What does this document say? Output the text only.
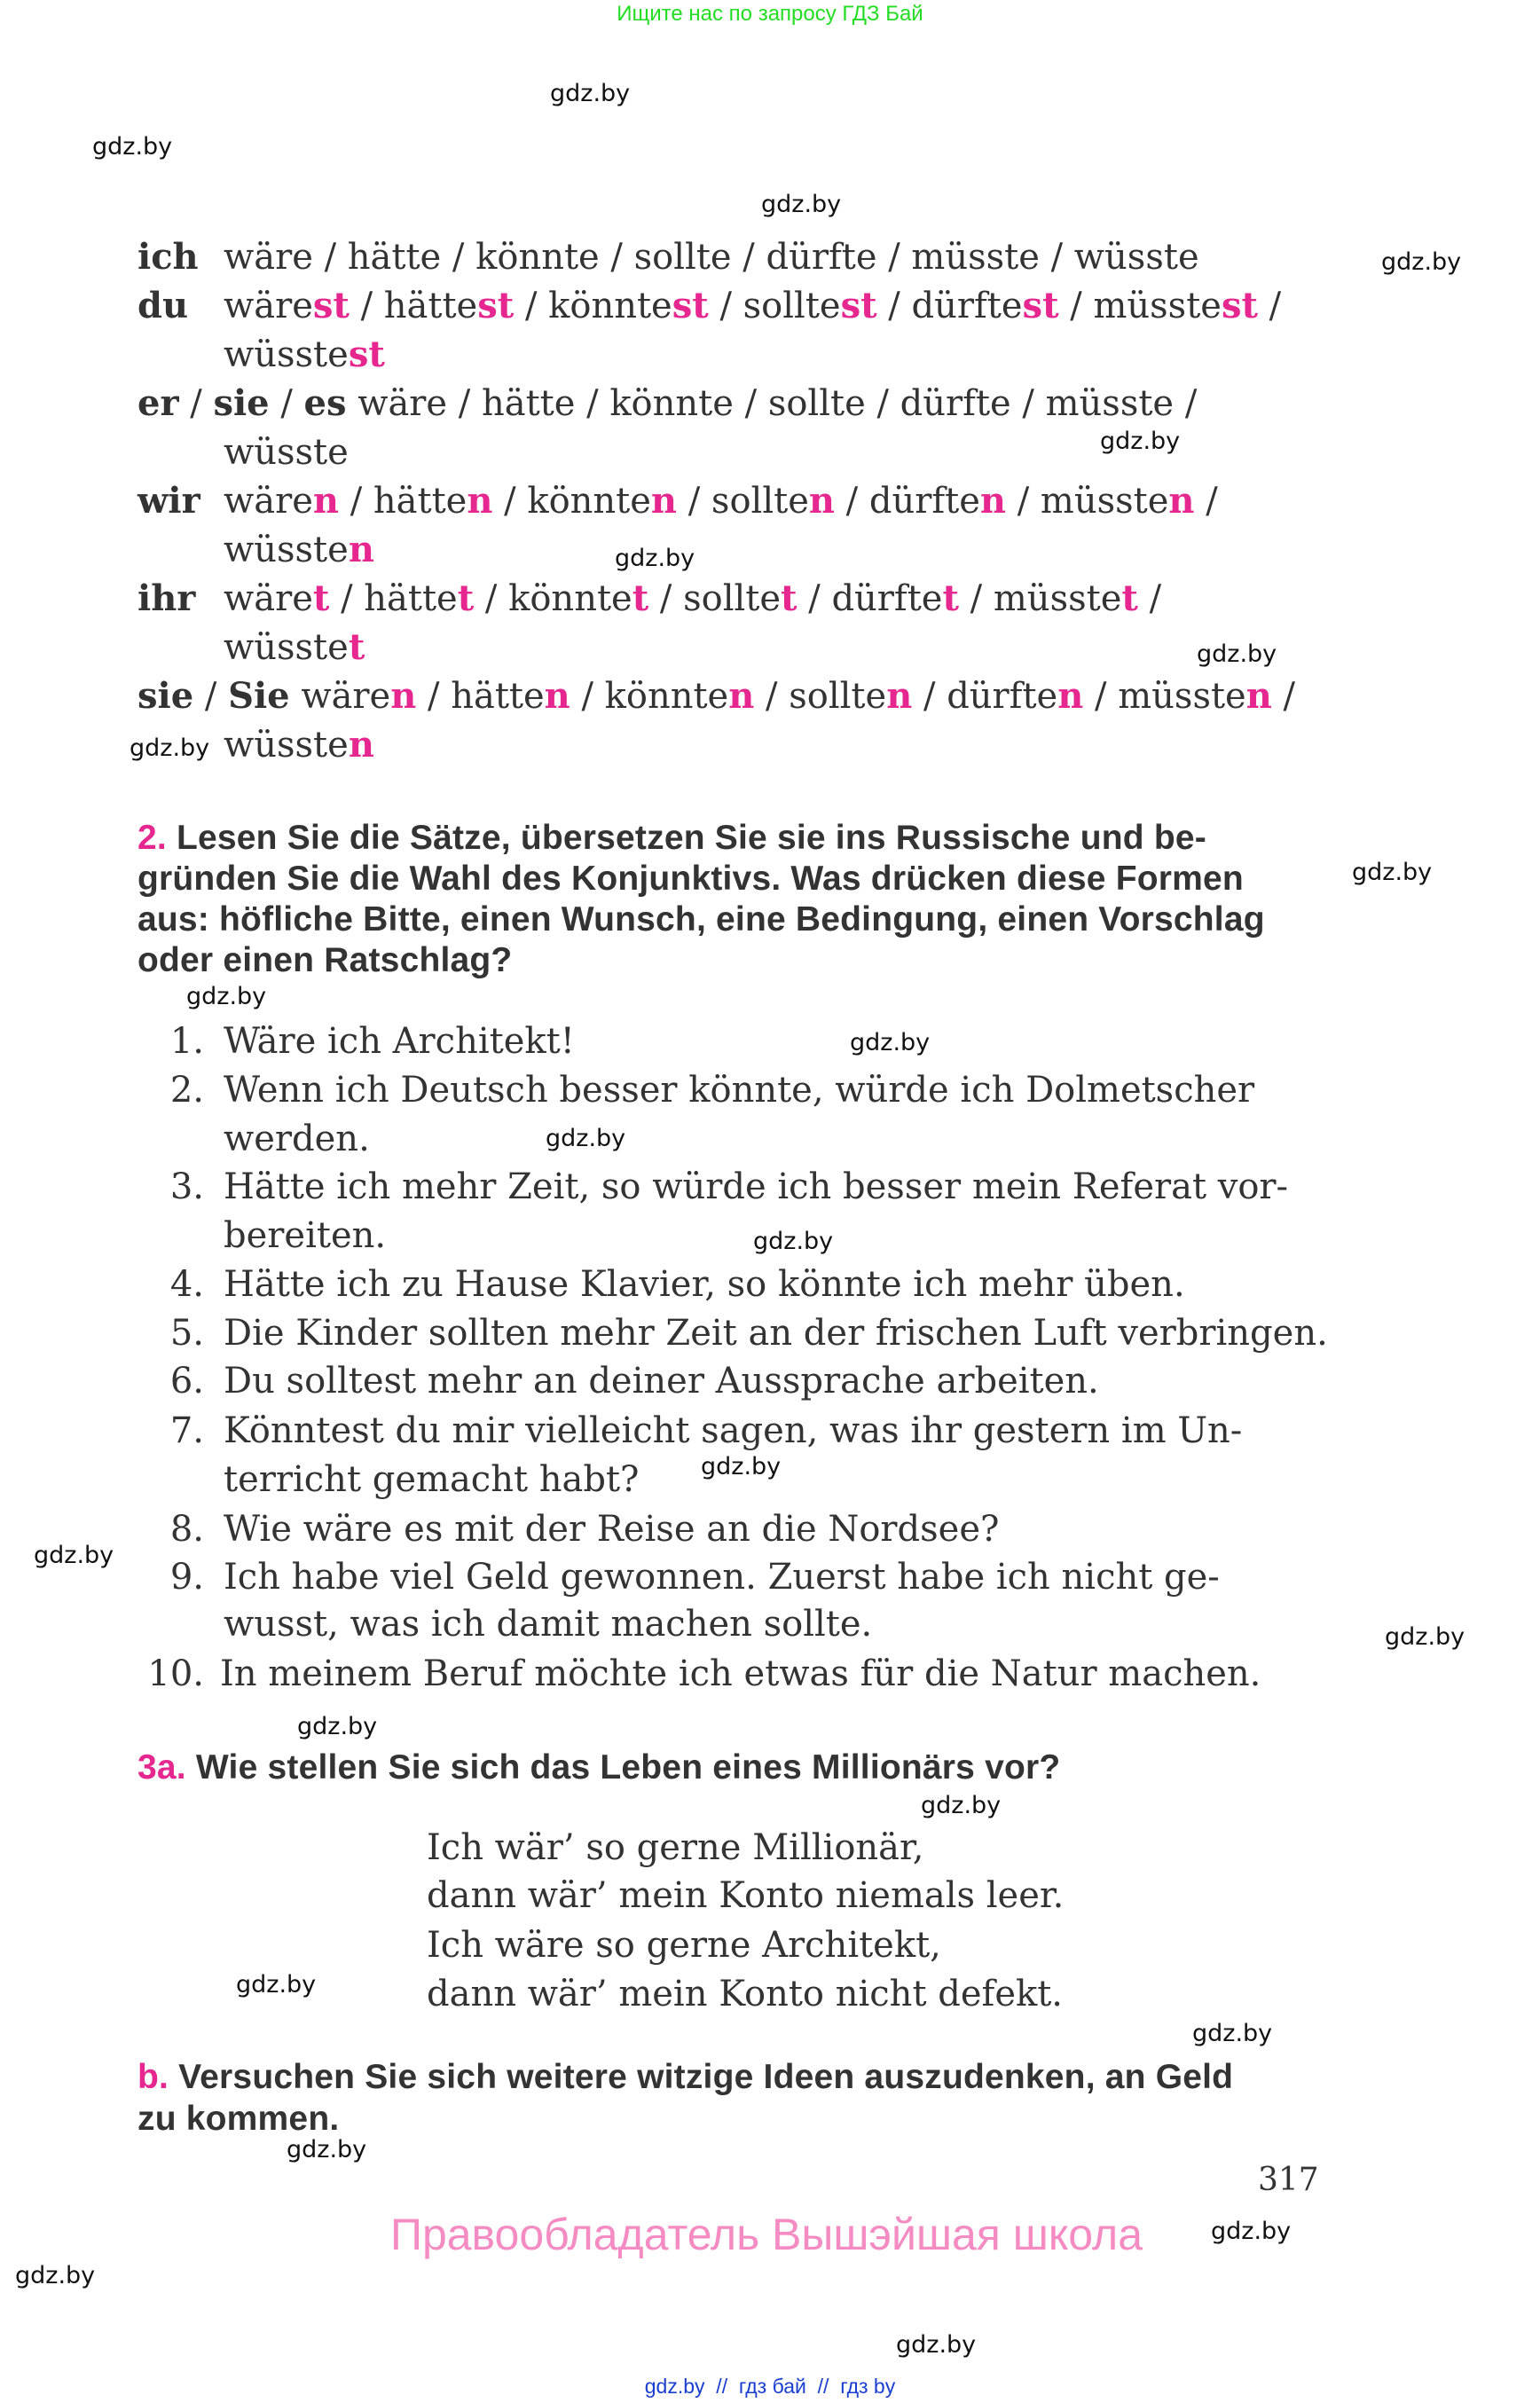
Ищите нас по запросу ГДЗ Бай
gdz.by
gdz.by
gdz.by
gdz.by
gdz.by
gdz.by
gdz.by
gdz.by
gdz.by
gdz.by
gdz.by
gdz.by
gdz.by
gdz.by
gdz.by
gdz.by
gdz.by
gdz.by
gdz.by
gdz.by
gdz.by
gdz.by
gdz.by
gdz.by
ich wäre / hätte / könnte / sollte / dürfte / müsste / wüsste
du wärest / hättest / könntest / solltest / dürftest / müsstest /
wüsstest
er / sie / es wäre / hätte / könnte / sollte / dürfte / müsste /
wüsste
wir wären / hätten / könnten / sollten / dürften / müssten /
wüssten
ihr wäret / hättet / könntet / solltet / dürftet / müsstet /
wüsstet
sie / Sie wären / hätten / könnten / sollten / dürften / müssten /
wüssten
2. Lesen Sie die Sätze, übersetzen Sie sie ins Russische und be-
gründen Sie die Wahl des Konjunktivs. Was drücken diese Formen
aus: höfliche Bitte, einen Wunsch, eine Bedingung, einen Vorschlag
oder einen Ratschlag?
1. Wäre ich Architekt!
2. Wenn ich Deutsch besser könnte, würde ich Dolmetscher
werden.
3. Hätte ich mehr Zeit, so würde ich besser mein Referat vor-
bereiten.
4. Hätte ich zu Hause Klavier, so könnte ich mehr üben.
5. Die Kinder sollten mehr Zeit an der frischen Luft verbringen.
6. Du solltest mehr an deiner Aussprache arbeiten.
7. Könntest du mir vielleicht sagen, was ihr gestern im Un-
terricht gemacht habt?
8. Wie wäre es mit der Reise an die Nordsee?
9. Ich habe viel Geld gewonnen. Zuerst habe ich nicht ge-
wusst, was ich damit machen sollte.
10. In meinem Beruf möchte ich etwas für die Natur machen.
3a. Wie stellen Sie sich das Leben eines Millionärs vor?
Ich wär’ so gerne Millionär,
dann wär’ mein Konto niemals leer.
Ich wäre so gerne Architekt,
dann wär’ mein Konto nicht defekt.
b. Versuchen Sie sich weitere witzige Ideen auszudenken, an Geld
zu kommen.
317
Правообладатель Вышэйшая школа
gdz.by  //  гдз бай  //  гдз by
